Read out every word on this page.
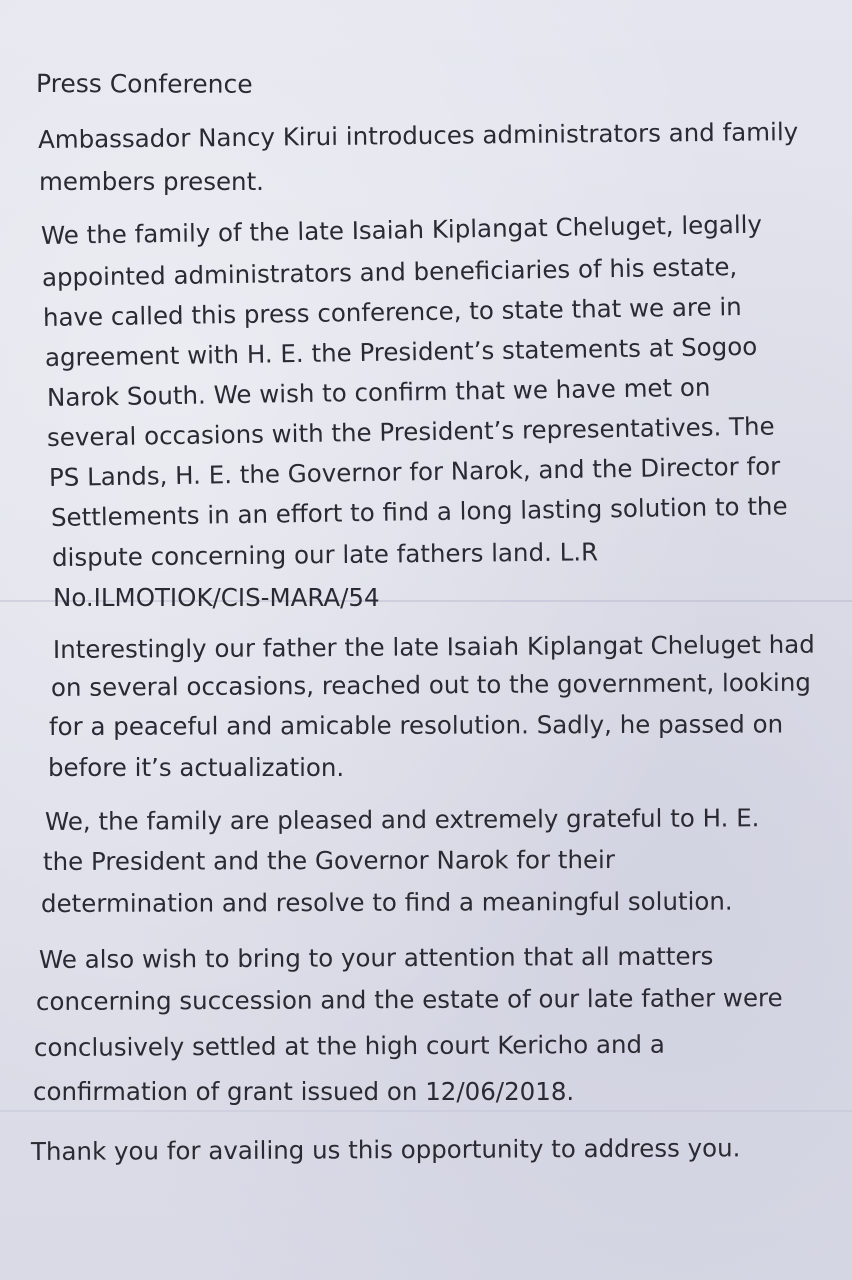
Press Conference
Ambassador Nancy Kirui introduces administrators and family
members present.
We the family of the late Isaiah Kiplangat Cheluget, legally
appointed administrators and beneficiaries of his estate,
have called this press conference, to state that we are in
agreement with H. E. the President’s statements at Sogoo
Narok South. We wish to confirm that we have met on
several occasions with the President’s representatives. The
PS Lands, H. E. the Governor for Narok, and the Director for
Settlements in an effort to find a long lasting solution to the
dispute concerning our late fathers land. L.R
No.ILMOTIOK/CIS-MARA/54
Interestingly our father the late Isaiah Kiplangat Cheluget had
on several occasions, reached out to the government, looking
for a peaceful and amicable resolution. Sadly, he passed on
before it’s actualization.
We, the family are pleased and extremely grateful to H. E.
the President and the Governor Narok for their
determination and resolve to find a meaningful solution.
We also wish to bring to your attention that all matters
concerning succession and the estate of our late father were
conclusively settled at the high court Kericho and a
confirmation of grant issued on 12/06/2018.
Thank you for availing us this opportunity to address you.
